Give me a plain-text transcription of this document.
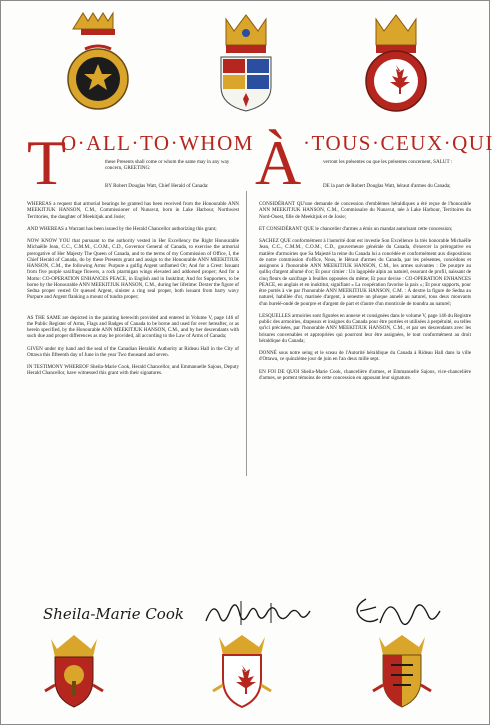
T
O·ALL·TO·WHOM À ·TOUS·CEUX·QUI
these Presents shall come or whom the same may in any way concern, GREETING:
verront les présentes ou que les présentes concernent, SALUT :
BY Robert Douglas Watt, Chief Herald of Canada:	DE la part de Robert Douglas Watt, héraut d'armes du Canada;

WHEREAS a request that armorial bearings be granted has been received from the Honourable ANN MEEKITJUK HANSON, C.M., Commissioner of Nunavut, born in Lake Harbour, Northwest Territories, the daughter of Meekitjuk and Josie;

AND WHEREAS a Warrant has been issued by the Herald Chancellor authorizing this grant;

NOW KNOW YOU that pursuant to the authority vested in Her Excellency the Right Honourable Michaëlle Jean, C.C., C.M.M., C.O.M., C.D., Governor General of Canada, to exercise the armorial prerogative of Her Majesty The Queen of Canada, and to the terms of my Commission of Office, I, the Chief Herald of Canada, do by these Presents grant and assign to the Honourable ANN MEEKITJUK HANSON, C.M., the following Arms: Purpure a gulfig Argent unflamed Or; And for a Crest: Issuant from five purple saxifrage flowers, a rock ptarmigan wings elevated and addorsed proper; And for a Motto: CO-OPERATION ENHANCES PEACE, in English and in Inuktitut; And for Supporters, to be borne by the Honourable ANN MEEKITJUK HANSON, C.M., during her lifetime: Dexter the figure of Sedna proper vested Or queued Argent, sinister a ring seal proper, both issuant from barry wavy Purpure and Argent flanking a mount of tundra proper;

AS THE SAME are depicted in the painting herewith provided and entered in Volume V, page 146 of the Public Register of Arms, Flags and Badges of Canada to be borne and used for ever hereafter, or as herein specified, by the Honourable ANN MEEKITJUK HANSON, C.M., and by her descendants with such due and proper differences as may be provided, all according to the Law of Arms of Canada;

GIVEN under my hand and the seal of the Canadian Heraldic Authority at Rideau Hall in the City of Ottawa this fifteenth day of June in the year Two thousand and seven.

IN TESTIMONY WHEREOF Sheila-Marie Cook, Herald Chancellor, and Emmanuelle Sajous, Deputy Herald Chancellor, have witnessed this grant with their signatures.

CONSIDÉRANT QU'une demande de concession d'emblèmes héraldiques a été reçue de l'honorable ANN MEEKITJUK HANSON, C.M., Commissaire du Nunavut, née à Lake Harbour, Territoires du Nord-Ouest, fille de Meekitjuk et de Josie;

ET CONSIDÉRANT QUE le chancelier d'armes a émis un mandat autorisant cette concession;

SACHEZ QUE conformément à l'autorité dont est investie Son Excellence la très honorable Michaëlle Jean, C.C., C.M.M., C.O.M., C.D., gouverneure générale du Canada, d'exercer la prérogative en matière d'armoiries que Sa Majesté la reine du Canada lui a concédée et conformément aux dispositions de notre commission d'office, Nous, le Héraut d'armes du Canada, par les présentes, concédons et assignons à l'honorable ANN MEEKITJUK HANSON, C.M., les armes suivantes : De pourpre au qulliq d'argent allumé d'or; Et pour cimier : Un lagopède alpin au naturel, essorant de profil, naissant de cinq fleurs de saxifrage à feuilles opposées du même; Et pour devise : CO-OPERATION ENHANCES PEACE, en anglais et en inuktitut, signifiant « La coopération favorise la paix »; Et pour supports, pour être portés à vie par l'honorable ANN MEEKITJUK HANSON, C.M. : À dextre la figure de Sedna au naturel, habillée d'or, marinée d'argent, à senestre un phoque annelé au naturel, tous deux mouvants d'un burelé-ondé de pourpre et d'argent de part et d'autre d'un monticule de toundra au naturel;

LESQUELLES armoiries sont figurées en annexe et consignées dans le volume V, page 146 du Registre public des armoiries, drapeaux et insignes du Canada pour être portées et utilisées à perpétuité, ou telles qu'ici précisées, par l'honorable ANN MEEKITJUK HANSON, C.M., et par ses descendants avec les brisures convenables et appropriées qui pourront leur être assignées, le tout conformément au droit héraldique du Canada;

DONNÉ sous notre seing et le sceau de l'Autorité héraldique du Canada à Rideau Hall dans la ville d'Ottawa, ce quinzième jour de juin en l'an deux mille sept.

EN FOI DE QUOI Sheila-Marie Cook, chancelière d'armes, et Emmanuelle Sajous, vice-chancelière d'armes, se portent témoins de cette concession en apposant leur signature.

Sheila-Marie Cook
